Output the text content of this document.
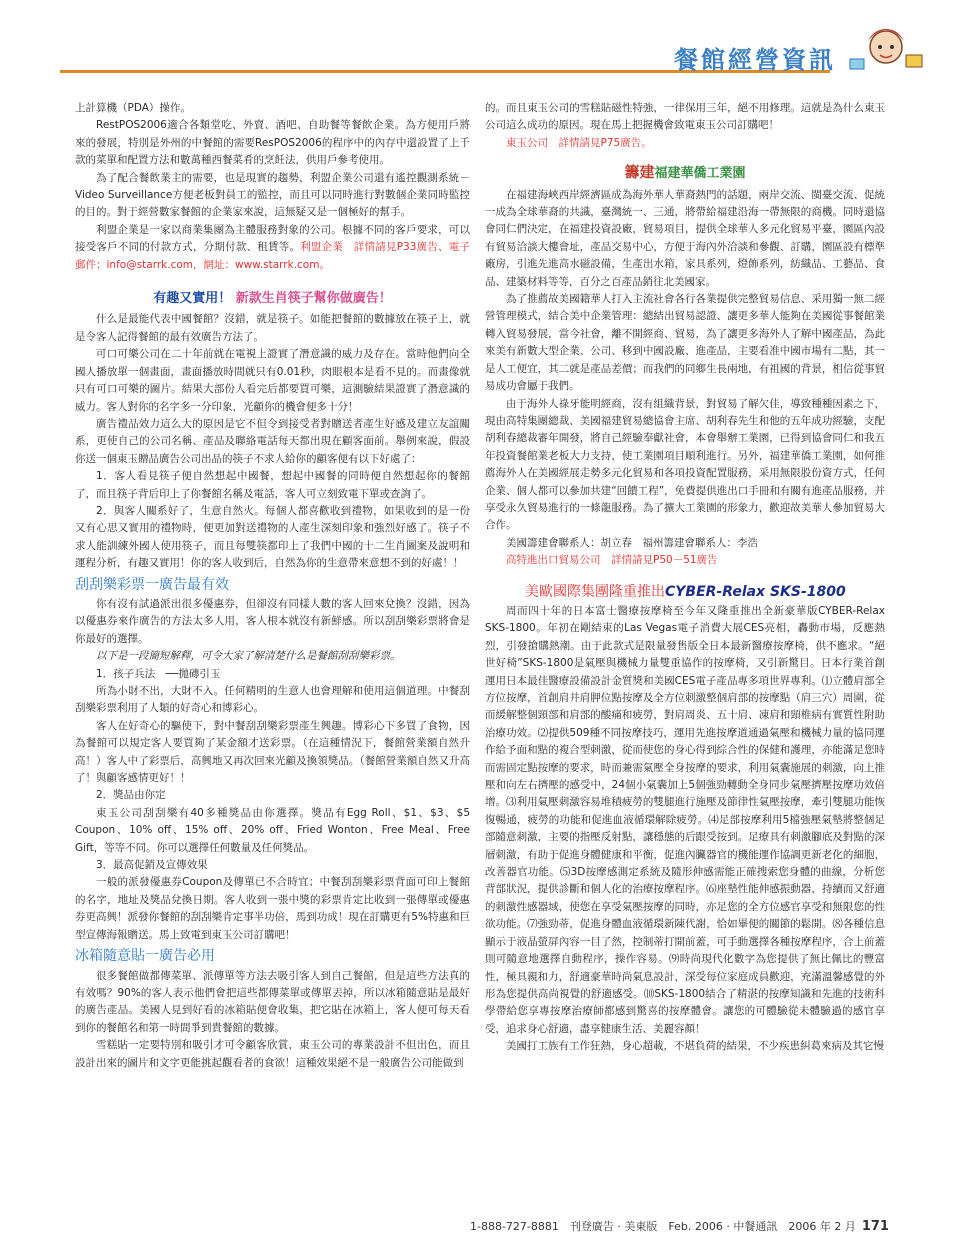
餐館經營資訊

上計算機（PDA）操作。

RestPOS2006適合各類堂吃、外賣、酒吧、自助餐等餐飲企業。為方便用戶將來的發展，特別是外州的中餐館的需要ResPOS2006的程序中的內存中還設置了上千款的菜單和配置方法和數萬種西餐菜肴的烹飪法，供用戶參考使用。

為了配合餐飲業主的需要，也是現實的趨勢，利盟企業公司還有遙控觀測系統－Video Surveillance方便老板對員工的監控，而且可以同時進行對數個企業同時監控的目的。對于經營數家餐館的企業家來說，這無疑又是一個極好的幫手。

利盟企業是一家以商業集團為主體服務對象的公司。根據不同的客戶要求，可以接受客戶不同的付款方式，分期付款、租賃等。利盟企業　詳情請見P33廣告、電子郵件：info@starrk.com，網址：www.starrk.com。

有趣又實用！ 新款生肖筷子幫你做廣告！

什么是最能代表中國餐館？沒錯，就是筷子。如能把餐館的數據放在筷子上，就是令客人記得餐館的最有效廣告方法了。

可口可樂公司在二十年前就在電視上證實了潛意識的威力及存在。當時他們向全國人播放單一個畫面，畫面播放時間就只有0.01秒，肉眼根本是看不見的。而畫像就只有可口可樂的圖片。結果大部份人看完后都要買可樂，這測驗結果證實了潛意識的威力。客人對你的名字多一分印象，光顧你的機會便多十分！

廣告禮品效力這么大的原因是它不但令到接受者對贈送者產生好感及建立友誼關系，更使自己的公司名稱、產品及聯絡電話每天都出現在顧客面前。舉例來說，假設你送一個東玉贈品廣告公司出品的筷子不求人給你的顧客便有以下好處了：

1．客人看見筷子便自然想起中國餐，想起中國餐的同時便自然想起你的餐館了，而且筷子背后印上了你餐館名稱及電話，客人可立刻致電下單或查詢了。

2．與客人關系好了，生意自然火。每個人都喜歡收到禮物，如果收到的是一份又有心思又實用的禮物時，便更加對送禮物的人產生深刻印象和強烈好感了。筷子不求人能訓練外國人使用筷子，而且每雙筷都印上了我們中國的十二生肖圖案及說明和運程分析，有趣又實用！你的客人收到后，自然為你的生意帶來意想不到的好處！！

刮刮樂彩票一廣告最有效

你有沒有試過派出很多優惠券，但卻沒有同樣人數的客人回來兌換？沒錯，因為以優惠券來作廣告的方法太多人用，客人根本就沒有新鮮感。所以刮刮樂彩票將會是你最好的選擇。

以下是一段簡短解釋，可令大家了解清楚什么是餐館刮刮樂彩票。

1．孩子兵法　──拋磚引玉

所為小財不出，大財不入。任何精明的生意人也會理解和使用這個道理。中餐刮刮樂彩票利用了人類的好奇心和博彩心。

客人在好奇心的驅使下，對中餐刮刮樂彩票產生興趣。博彩心下多買了食物，因為餐館可以規定客人要買夠了某金額才送彩票。（在這種情況下，餐館營業額自然升高！）客人中了彩票后，高興地又再次回來光顧及換領獎品。（餐館營業額自然又升高了！與顧客感情更好！！

2．獎品由你定

東玉公司刮刮樂有40多種獎品由你選擇。獎品有Egg Roll、$1、$3、$5 Coupon、10% off、15% off、20% off、Fried Wonton、Free Meal、Free Gift，等等不同。你可以選擇任何數量及任何獎品。

3．最高促銷及宣傳效果

一般的派發優惠券Coupon及傳單已不合時宜；中餐刮刮樂彩票背面可印上餐館的名字，地址及獎品兌換日期。客人收到一張中獎的彩票肯定比收到一張傳單或優惠券更高興！派發你餐館的刮刮樂肯定事半功倍，馬到功成！現在訂購更有5%特惠和巨型宣傳海報贈送。馬上致電到東玉公司訂購吧！

冰箱隨意貼一廣告必用

很多餐館做都傳菜單、派傳單等方法去吸引客人到自己餐館，但是這些方法真的有效嗎？90%的客人表示他們會把這些都傳菜單或傳單丟掉，所以冰箱隨意貼是最好的廣告產品。美國人見到好看的冰箱貼便會收集，把它貼在冰箱上，客人便可每天看到你的餐館名和第一時間爭到貴餐館的數據。

雪糕貼一定要特別和吸引才可令顧客欣賞，東玉公司的專業設計不但出色，而且設計出來的圖片和文字更能挑起觀看者的食欲！這種效果絕不是一般廣告公司能做到

的。而且東玉公司的雪糕貼磁性特強，一律保用三年，絕不用修理。這就是為什么東玉公司這么成功的原因。現在馬上把握機會致電東玉公司訂購吧！

東玉公司　詳情請見P75廣告。

籌建福建華僑工業園

在福建海峽西岸經濟區成為海外華人華裔熱門的話題，兩岸交流、閩臺交流、促統一成為全球華裔的共識，臺灣統一、三通，將帶給福建沿海一帶無限的商機。同時還協會同仁們決定，在福建投資設廠，貿易項目，提供全球華人多元化貿易平臺，園區內設有貿易洽談大樓會址，產品交易中心，方便于海內外洽談和參觀、訂購，園區設有標準廠房，引進先進高水磁設備，生產出水箱，家具系列，燈飾系列，紡織品、工藝品、食品、建築材料等等，百分之百產品銷往北美國家。

為了推薦故美國籍華人打入主流社會各行各業提供完整貿易信息、采用獨一無二經營管理模式，結合美中企業管理：總結出貿易認證、讓更多華人能夠在美國從事餐館業轉入貿易發展，當今社會，離不開經商、貿易，為了讓更多海外人了解中國產品，為此來美有新數大型企業、公司、移到中國設廠、進產品，主要看准中國市場有二點，其一是人工便宜，其二就是產品差價；而我們的同鄉生長兩地，有祖國的背景，相信從事貿易成功會屬于我們。

由于海外人祿牙能明經商，沒有組織背景，對貿易了解欠佳，導致種種因素之下，現由高特集團總裁、美國福建貿易總協會主席、胡利春先生和他的五年成功經驗，支配胡利春總裁審年開發，將自己經驗奉獻社會，本會舉辦工業園，已得到協會同仁和我五年投資餐館業老板大力支持，使工業園項目順利進行。另外，福建華僑工業園，如何推薦海外人在美國經展走勢多元化貿易和各項投資配置服務，采用無限股份資方式，任何企業、個人都可以參加共建“回饋工程”，免費提供進出口手冊和有關有進產品服務，并享受永久貿易進行的一條龍服務。為了擴大工業園的形象力，歡迎故美華人參加貿易大合作。

美國籌建會聯系人：胡立春　福州籌建會聯系人：李浩

高特進出口貿易公司　詳情請見P50－51廣告

美歐國際集團隆重推出CYBER-Relax SKS-1800

周而四十年的日本富士醫療按摩椅至今年又隆重推出全新豪華版CYBER-Relax SKS-1800。年初在剛結束的Las Vegas電子消費大展CES亮相，轟動市場，反應熱烈，引發搶購熱潮。由于此款式是限量發售版全日本最新醫療按摩椅，供不應求。“絕世好椅”SKS-1800是氣壓與機械力量雙重協作的按摩椅，又引新驚目。日本行業首創運用日本最佳醫療設備設計金質獎和美國CES電子產品專多項世界專利。⑴立體肩部全方位按摩，首創肩井肩胛位點按摩及全方位刺激整個肩部的按摩點（肩三穴）周圍，從而緩解整個頸部和肩部的酸痛和疲勞，對肩周炎、五十肩、凍肩和頸椎病有實質性附助治療功效。⑵提供509種不同按摩技巧，運用先進按摩道通過氣壓和機械力量的協同運作給予面和點的複合型刺激，從而使您的身心得到綜合性的保健和護理，亦能滿足您時而需固定點按摩的要求，時而兼需氣壓全身按摩的要求，利用氣囊施展的刺激，向上推壓和向左右擠壓的感受中，24個小氣囊加上5個強勁轉動全身同步氣壓擠壓按摩功效倍增。⑶利用氣壓刺激容易堆積疲勞的雙腿進行施壓及節律性氣壓按摩，牽引雙腿功能恢復暢通，疲勞的功能和促進血液循環解除疲勞。⑷足部按摩利用5檔強壓氣墊將整個足部隨意刺激，主要的指壓反射點，讓穩態的后跟受按到。足療具有刺激腳底及對點的深層刺激，有助于促進身體健康和平衡，促進內臟器官的機能運作協調更新老化的細胞，改善器官功能。⑸3D按摩感測定系統及隨形伸感需能正確搜索您身體的曲線，分析您背部狀況，提供診斷和個人化的治療按摩程序。⑹座墊性能伸感振動器，持續而又舒適的刺激性感器域，使您在享受氣壓按摩的同時，亦足您的全方位感官享受和無限您的性欲功能。⑺強勁蒂，促進身體血液循環新陳代謝，恰如畢便的關節的鬆開。⑻各種信息顯示于液晶螢屏內容一目了然，控制蒂打開前蓋，可手動選擇各種按摩程序，合上前蓋則可隨意地選擇自動程序，操作容易。⑼時尚現代化數字為您提供了無比佩比的豐富性，極具親和力，舒適豪華時尚氣息設計，深受每位家庭成員歡迎，充滿溫馨感覺的外形為您提供高尚視覺的舒適感受。⑽SKS-1800結合了精湛的按摩知識和先進的技術科學帶給您享專按摩治療師都感到驚喜的按摩體會。讓您的可體驗從未體驗過的感官享受，追求身心舒適，盡享健康生活、美麗容顏！

美國打工族有工作狂熱，身心超載，不堪負荷的結果，不少疾患糾葛來病及其它慢

1-888-727-8881　刊登廣告 · 美東版　Feb. 2006 · 中餐通訊　2006 年 2 月 171
